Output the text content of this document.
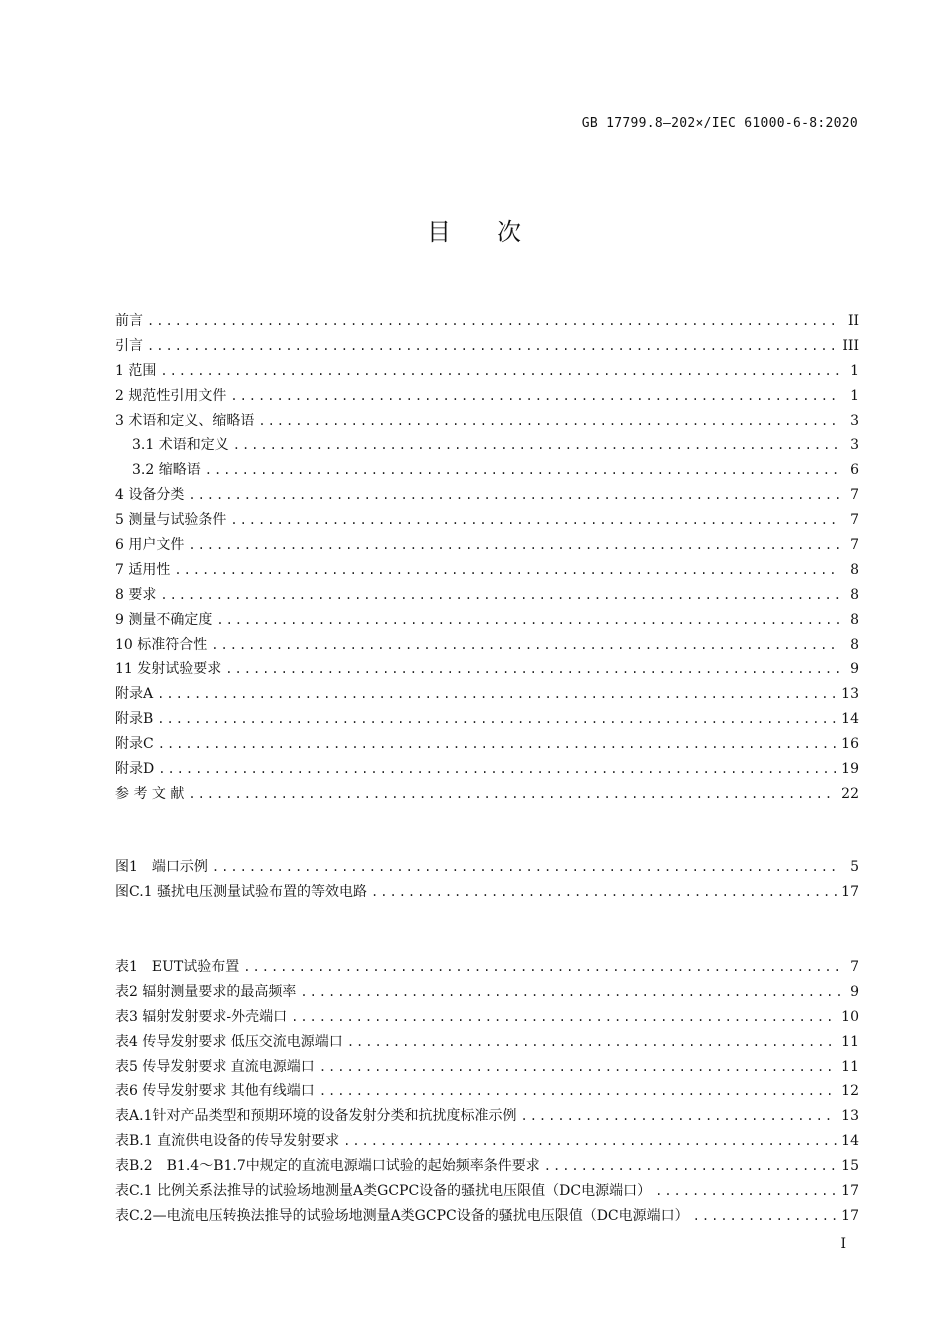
GB 17799.8—202×/IEC 61000-6-8:2020
目 次
前言 .....	II
引言 .....	III
1 范围 .....	1
2 规范性引用文件 .....	1
3 术语和定义、缩略语 .....	3
3.1 术语和定义 .....	3
3.2 缩略语 .....	6
4 设备分类 .....	7
5 测量与试验条件 .....	7
6 用户文件 .....	7
7 适用性 .....	8
8 要求 .....	8
9 测量不确定度 .....	8
10 标准符合性 .....	8
11 发射试验要求 .....	9
附录A .....	13
附录B .....	14
附录C .....	16
附录D .....	19
参 考 文 献 .....	22
图1　端口示例 .....	5
图C.1 骚扰电压测量试验布置的等效电路 .....	17
表1　EUT试验布置 .....	7
表2 辐射测量要求的最高频率 .....	9
表3 辐射发射要求-外壳端口 .....	10
表4 传导发射要求 低压交流电源端口 .....	11
表5 传导发射要求 直流电源端口 .....	11
表6 传导发射要求 其他有线端口 .....	12
表A.1针对产品类型和预期环境的设备发射分类和抗扰度标准示例 .....	13
表B.1 直流供电设备的传导发射要求 .....	14
表B.2　B1.4～B1.7中规定的直流电源端口试验的起始频率条件要求 .....	15
表C.1 比例关系法推导的试验场地测量A类GCPC设备的骚扰电压限值（DC电源端口） .....	17
表C.2—电流电压转换法推导的试验场地测量A类GCPC设备的骚扰电压限值（DC电源端口） .....	17
I
